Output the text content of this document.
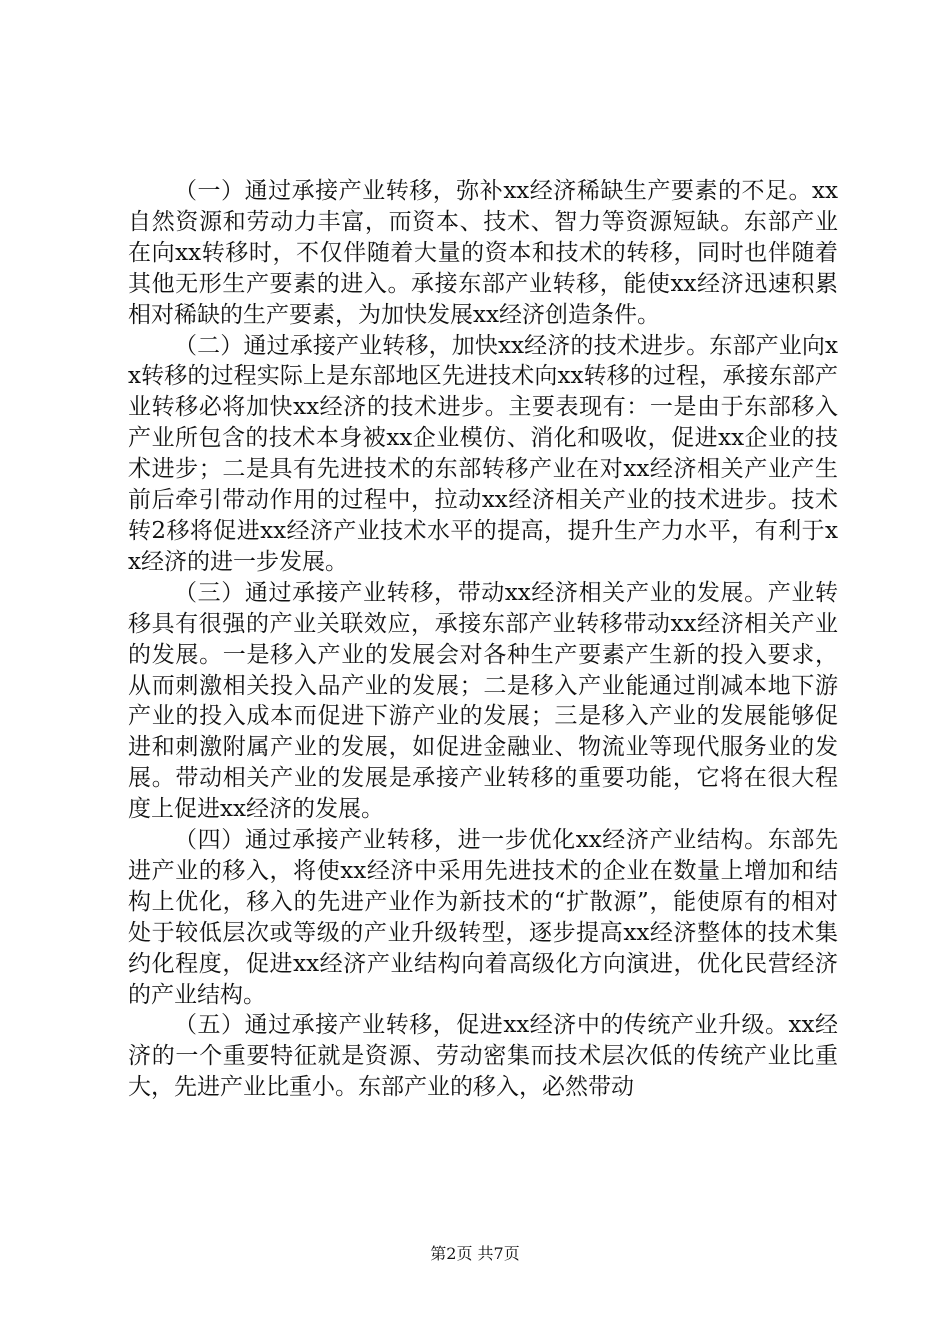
（一）通过承接产业转移，弥补xx经济稀缺生产要素的不足。xx自然资源和劳动力丰富，而资本、技术、智力等资源短缺。东部产业在向xx转移时，不仅伴随着大量的资本和技术的转移，同时也伴随着其他无形生产要素的进入。承接东部产业转移，能使xx经济迅速积累相对稀缺的生产要素，为加快发展xx经济创造条件。

（二）通过承接产业转移，加快xx经济的技术进步。东部产业向xx转移的过程实际上是东部地区先进技术向xx转移的过程，承接东部产业转移必将加快xx经济的技术进步。主要表现有：一是由于东部移入产业所包含的技术本身被xx企业模仿、消化和吸收，促进xx企业的技术进步；二是具有先进技术的东部转移产业在对xx经济相关产业产生前后牵引带动作用的过程中，拉动xx经济相关产业的技术进步。技术转2移将促进xx经济产业技术水平的提高，提升生产力水平，有利于xx经济的进一步发展。

（三）通过承接产业转移，带动xx经济相关产业的发展。产业转移具有很强的产业关联效应，承接东部产业转移带动xx经济相关产业的发展。一是移入产业的发展会对各种生产要素产生新的投入要求，从而刺激相关投入品产业的发展；二是移入产业能通过削减本地下游产业的投入成本而促进下游产业的发展；三是移入产业的发展能够促进和刺激附属产业的发展，如促进金融业、物流业等现代服务业的发展。带动相关产业的发展是承接产业转移的重要功能，它将在很大程度上促进xx经济的发展。

（四）通过承接产业转移，进一步优化xx经济产业结构。东部先进产业的移入，将使xx经济中采用先进技术的企业在数量上增加和结构上优化，移入的先进产业作为新技术的“扩散源”，能使原有的相对处于较低层次或等级的产业升级转型，逐步提高xx经济整体的技术集约化程度，促进xx经济产业结构向着高级化方向演进，优化民营经济的产业结构。

（五）通过承接产业转移，促进xx经济中的传统产业升级。xx经济的一个重要特征就是资源、劳动密集而技术层次低的传统产业比重大，先进产业比重小。东部产业的移入，必然带动

第2页 共7页
